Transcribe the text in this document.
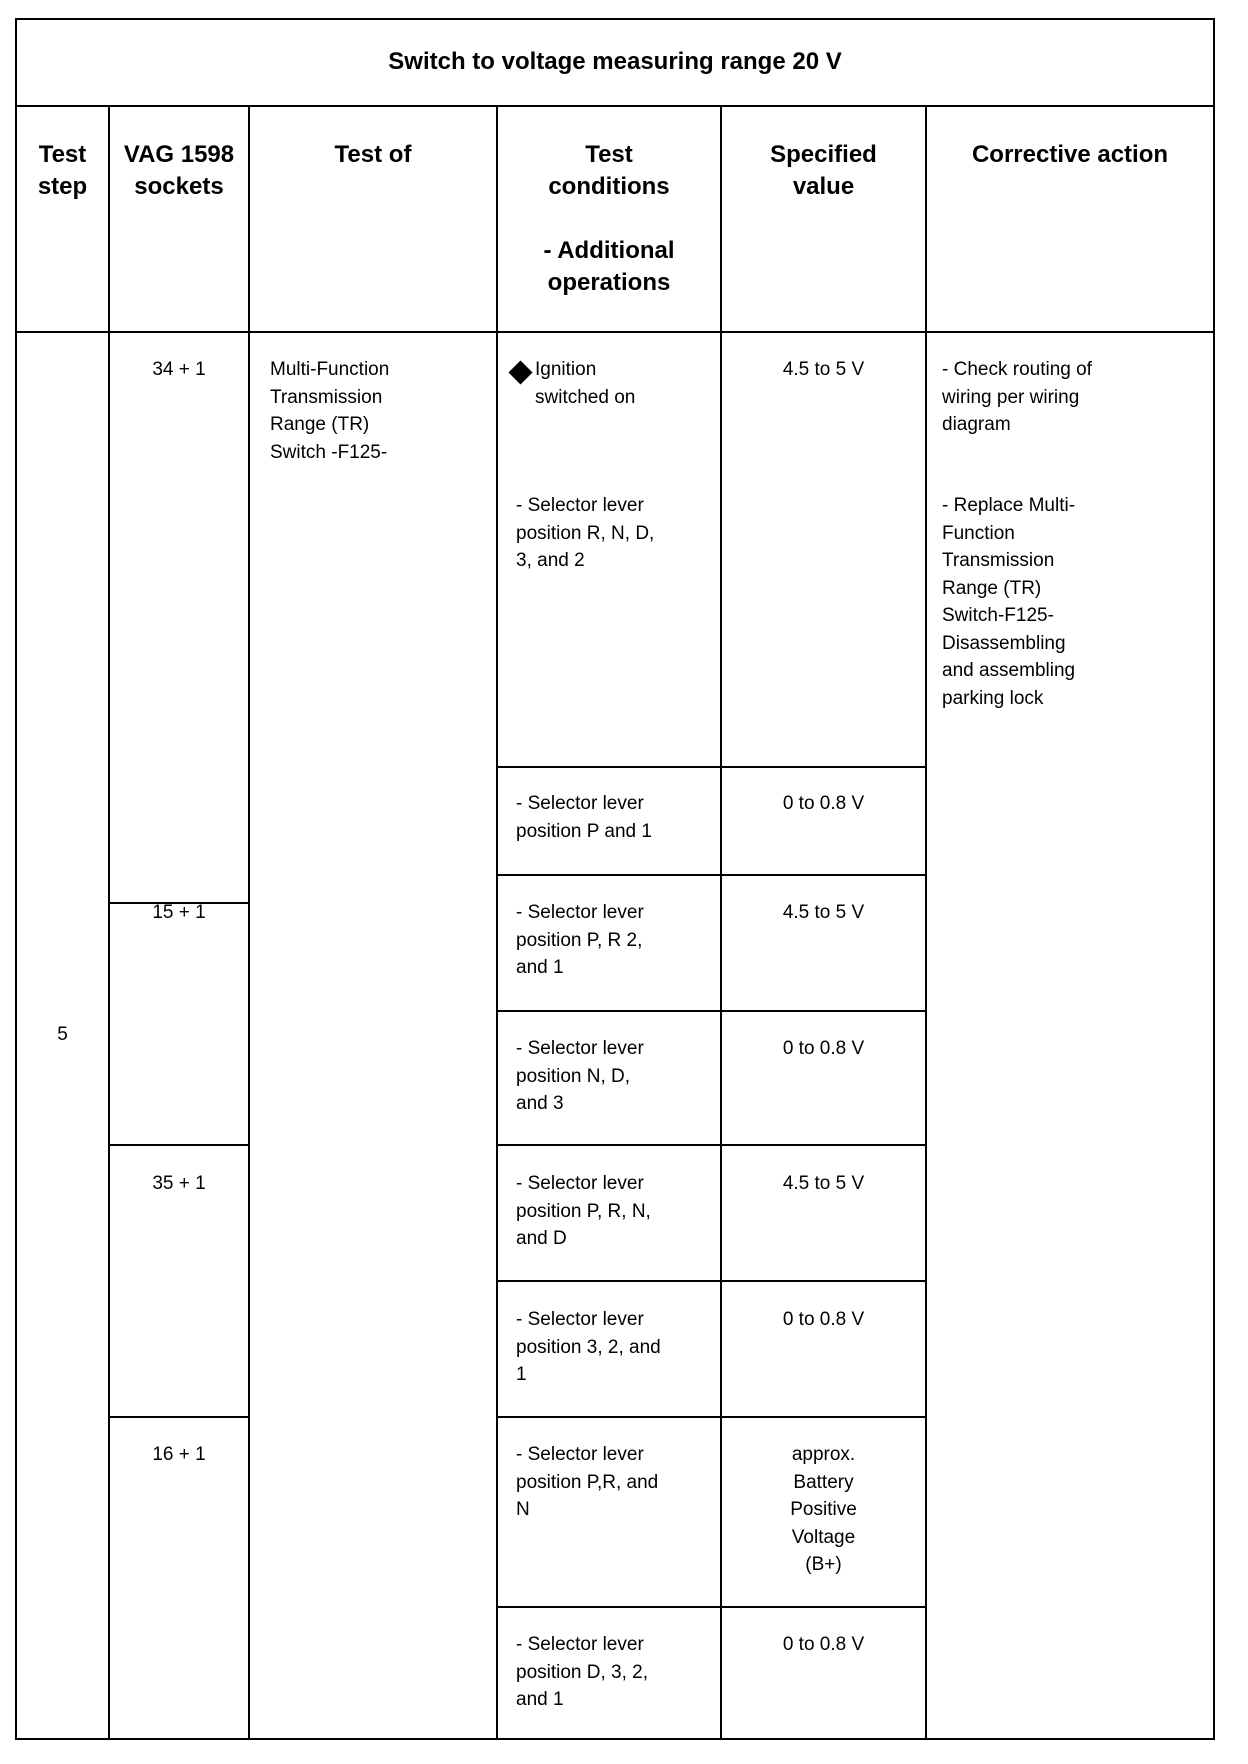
Switch to voltage measuring range 20 V
Test
step
VAG 1598
sockets
Test of	Test
conditions
- Additional
operations
Specified
value
Corrective action
5
34 + 1
15 + 1
35 + 1
16 + 1
Multi-Function
Transmission
Range (TR)
Switch -F125-
Ignition
switched on
- Selector lever
position R, N, D,
3, and 2
- Selector lever
position P and 1
- Selector lever
position P, R 2,
and 1
- Selector lever
position N, D,
and 3
- Selector lever
position P, R, N,
and D
- Selector lever
position 3, 2, and
1
- Selector lever
position P,R, and
N
- Selector lever
position D, 3, 2,
and 1
4.5 to 5 V
0 to 0.8 V
4.5 to 5 V
0 to 0.8 V
4.5 to 5 V
0 to 0.8 V
approx.
Battery
Positive
Voltage
(B+)
0 to 0.8 V
- Check routing of
wiring per wiring
diagram
- Replace Multi-
Function
Transmission
Range (TR)
Switch-F125-
Disassembling
and assembling
parking lock
